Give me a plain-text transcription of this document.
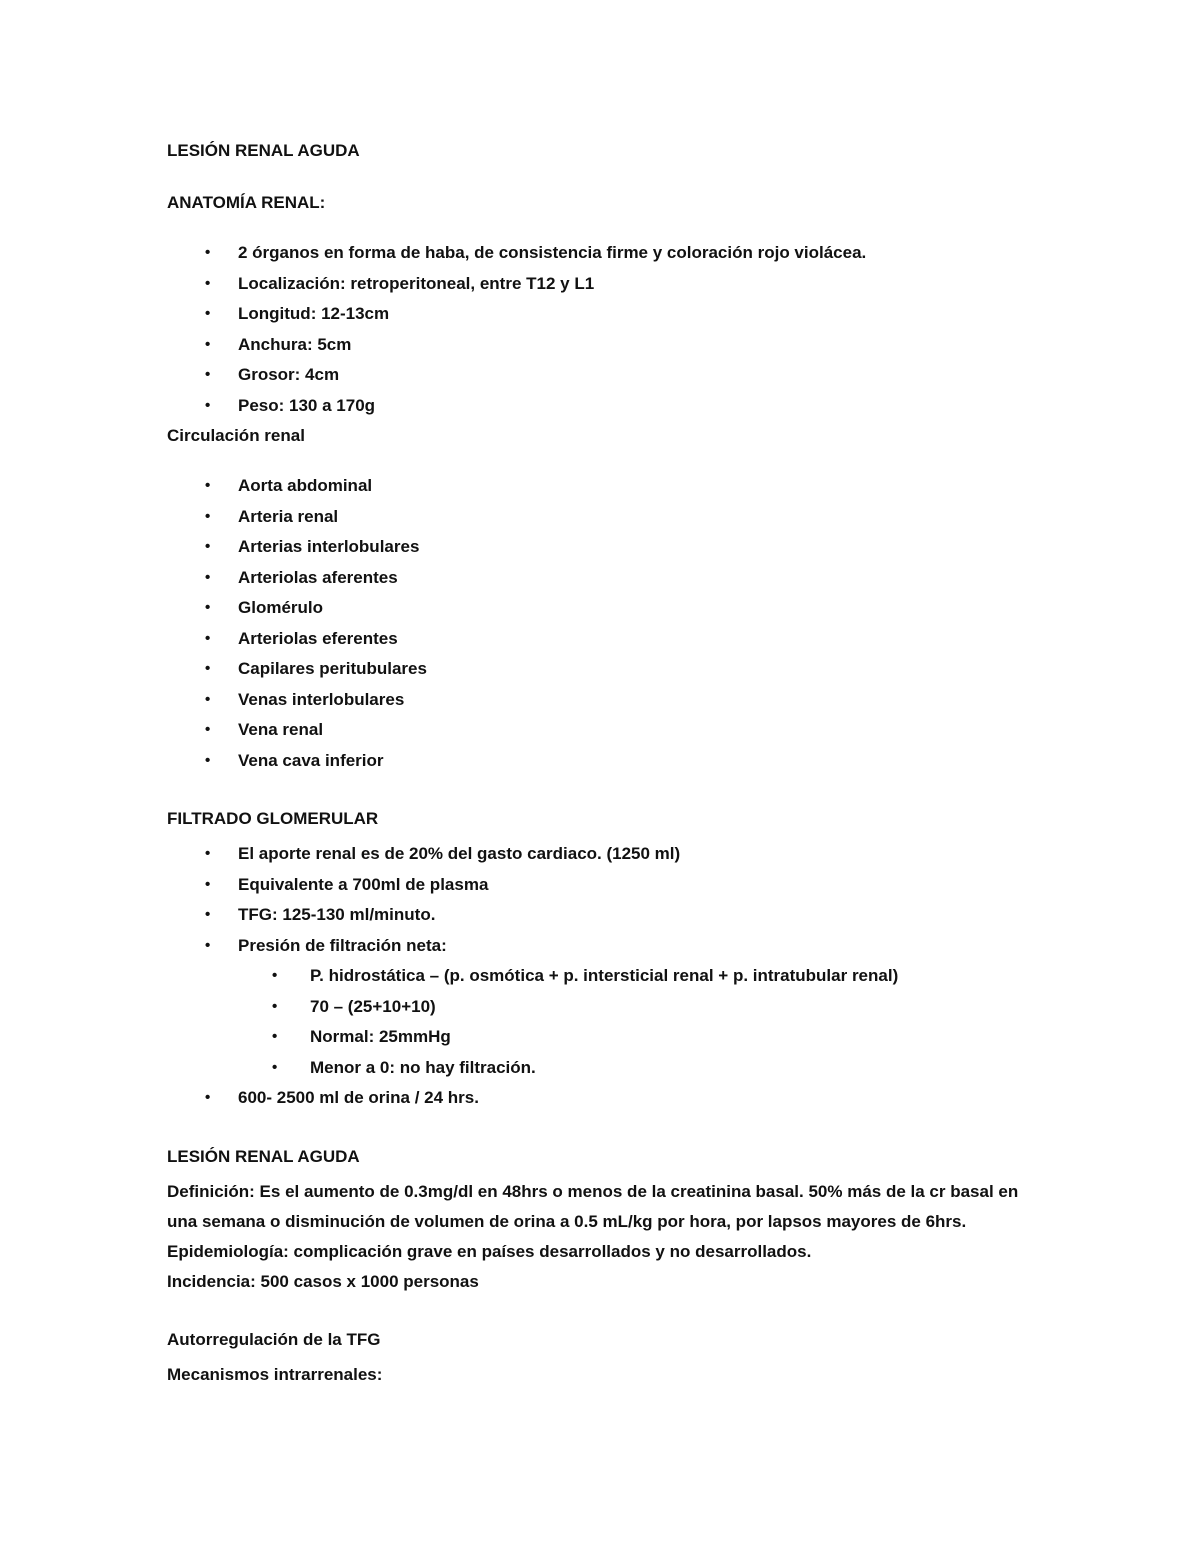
LESIÓN RENAL AGUDA
ANATOMÍA RENAL:
• 2 órganos en forma de haba, de consistencia firme y coloración rojo violácea.
• Localización: retroperitoneal, entre T12 y L1
• Longitud: 12-13cm
• Anchura: 5cm
• Grosor: 4cm
• Peso: 130 a 170g
Circulación renal
• Aorta abdominal
• Arteria renal
• Arterias interlobulares
• Arteriolas aferentes
• Glomérulo
• Arteriolas eferentes
• Capilares peritubulares
• Venas interlobulares
• Vena renal
• Vena cava inferior
FILTRADO GLOMERULAR
• El aporte renal es de 20% del gasto cardiaco. (1250 ml)
• Equivalente a 700ml de plasma
• TFG: 125-130 ml/minuto.
• Presión de filtración neta:
• P. hidrostática – (p. osmótica + p. intersticial renal + p. intratubular renal)
• 70 – (25+10+10)
• Normal: 25mmHg
• Menor a 0: no hay filtración.
• 600- 2500 ml de orina / 24 hrs.
LESIÓN RENAL AGUDA
Definición: Es el aumento de 0.3mg/dl en 48hrs o menos de la creatinina basal. 50% más de la cr basal en una semana o disminución de volumen de orina a 0.5 mL/kg por hora, por lapsos mayores de 6hrs.
Epidemiología: complicación grave en países desarrollados y no desarrollados.
Incidencia: 500 casos x 1000 personas
Autorregulación de la TFG
Mecanismos intrarrenales:
